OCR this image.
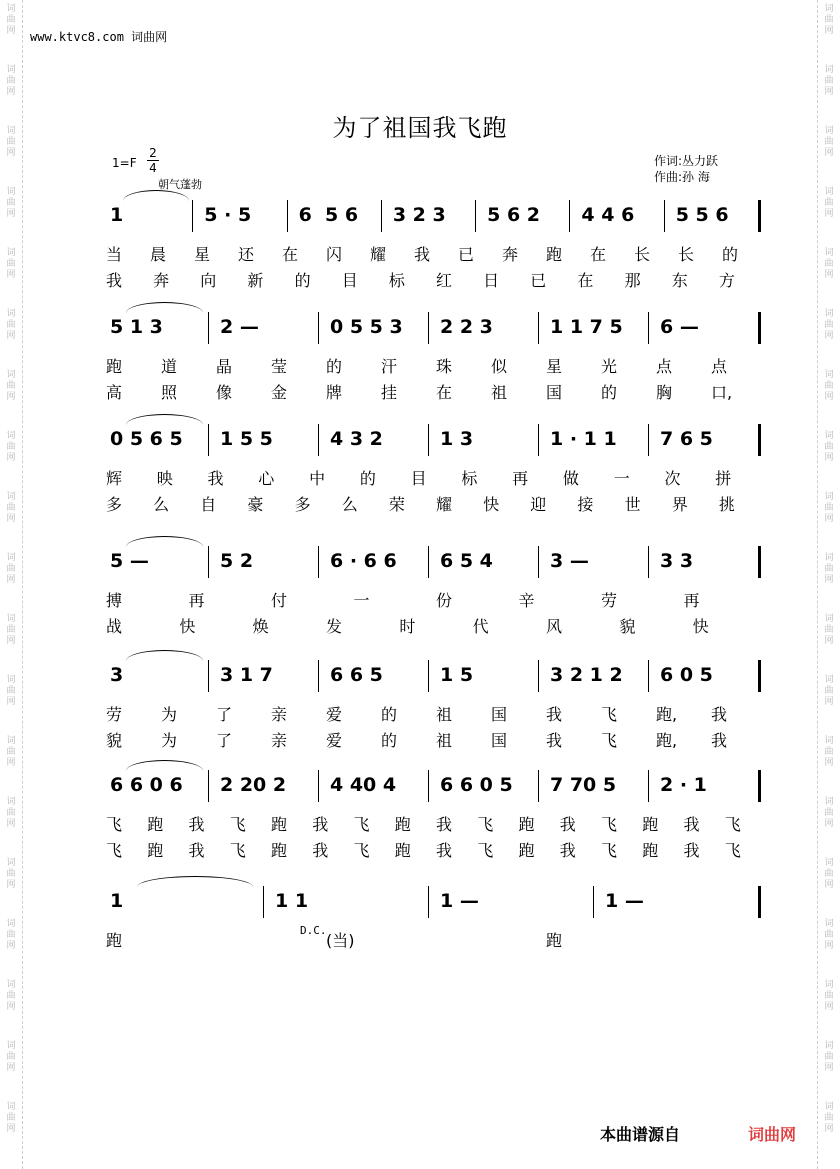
词
曲
网
词
曲
网
词
曲
网
词
曲
网
词
曲
网
词
曲
网
词
曲
网
词
曲
网
词
曲
网
词
曲
网
词
曲
网
词
曲
网
词
曲
网
词
曲
网
词
曲
网
词
曲
网
词
曲
网
词
曲
网
词
曲
网
词
曲
网
词
曲
网
词
曲
网
词
曲
网
词
曲
网
词
曲
网
词
曲
网
词
曲
网
词
曲
网
词
曲
网
词
曲
网
词
曲
网
词
曲
网
词
曲
网
词
曲
网
词
曲
网
词
曲
网
词
曲
网
词
曲
网
www.ktvc8.com 词曲网
为了祖国我飞跑
1=F
2
4
朝气蓬勃
作词:丛力跃
作曲:孙 海
1	5 · 5 6  5 6 3 2 3 5 6 2 4 4 6 5 5 6
当 晨 星 还 在 闪 耀 我 已 奔 跑 在 长 长 的
我 奔 向 新 的 目 标 红 日 已 在 那 东 方
5 1 3	2 —	0 5 5 3 2 2 3	1 1 7 5 6 —
跑 道 晶 莹 的 汗 珠 似 星 光 点 点
高 照 像 金 牌 挂 在 祖 国 的 胸 口,
0 5 6 5 1 5 5	4 3 2	1 3	1 · 1 1 7 6 5
辉 映 我 心 中 的 目 标 再 做 一 次 拼
多 么 自 豪 多 么 荣 耀 快 迎 接 世 界 挑
5 —	5 2	6 · 6 6 6 5 4	3 —	3 3
搏	再	付	一	份	辛	劳	再
战	快	焕	发	时	代	风	貌	快
3	3 1 7	6 6 5	1 5	3 2 1 2 6 0 5
劳 为 了 亲 爱 的 祖 国 我 飞 跑, 我
貌 为 了 亲 爱 的 祖 国 我 飞 跑, 我
6 6 0 6 2 20 2 4 40 4 6 6 0 5 7 70 5 2 · 1
飞 跑 我 飞 跑 我 飞 跑 我 飞 跑 我 飞 跑 我 飞
飞 跑 我 飞 跑 我 飞 跑 我 飞 跑 我 飞 跑 我 飞
1	1 1	1 —	1 —
跑	(当)	跑
D.C.
本曲谱源自	词曲网
